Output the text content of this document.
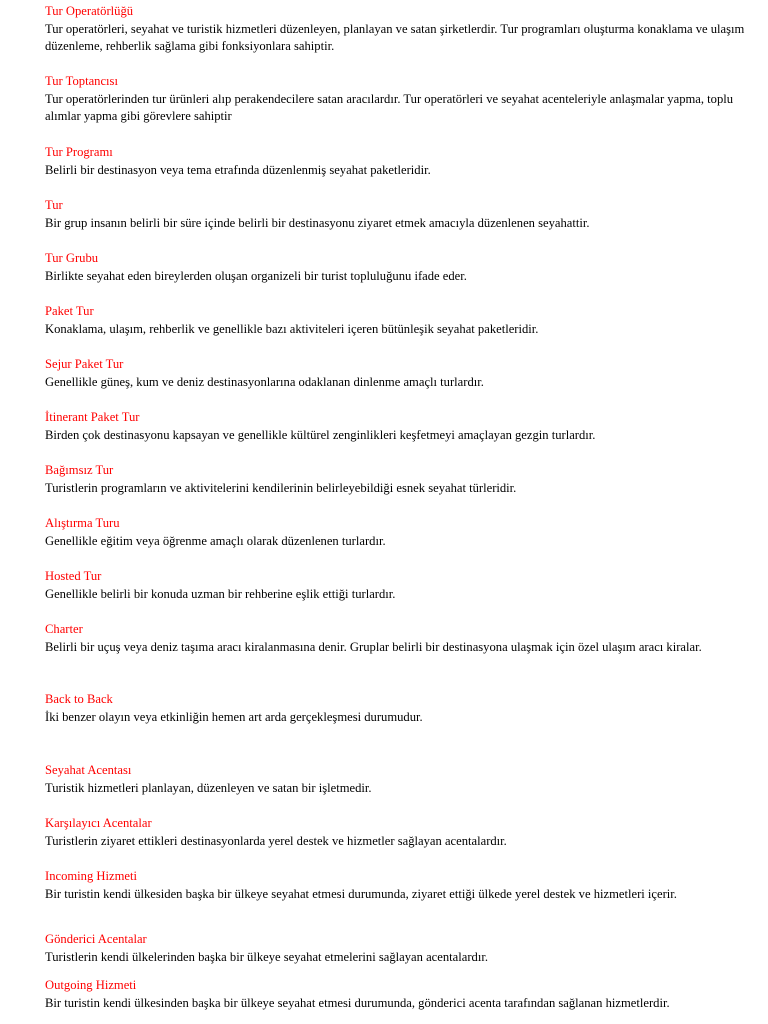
Tur Operatörlüğü
Tur operatörleri, seyahat ve turistik hizmetleri düzenleyen, planlayan ve satan şirketlerdir. Tur programları oluşturma konaklama ve ulaşım düzenleme, rehberlik sağlama gibi fonksiyonlara sahiptir.
Tur Toptancısı
Tur operatörlerinden tur ürünleri alıp perakendecilere satan aracılardır. Tur operatörleri ve seyahat acenteleriyle anlaşmalar yapma, toplu alımlar yapma gibi görevlere sahiptir
Tur Programı
Belirli bir destinasyon veya tema etrafında düzenlenmiş seyahat paketleridir.
Tur
Bir grup insanın belirli bir süre içinde belirli bir destinasyonu ziyaret etmek amacıyla düzenlenen seyahattir.
Tur Grubu
Birlikte seyahat eden bireylerden oluşan organizeli bir turist topluluğunu ifade eder.
Paket Tur
Konaklama, ulaşım, rehberlik ve genellikle bazı aktiviteleri içeren bütünleşik seyahat paketleridir.
Sejur Paket Tur
Genellikle güneş, kum ve deniz destinasyonlarına odaklanan dinlenme amaçlı turlardır.
İtinerant Paket Tur
Birden çok destinasyonu kapsayan ve genellikle kültürel zenginlikleri keşfetmeyi amaçlayan gezgin turlardır.
Bağımsız Tur
Turistlerin programların ve aktivitelerini kendilerinin belirleyebildiği esnek seyahat türleridir.
Alıştırma Turu
Genellikle eğitim veya öğrenme amaçlı olarak düzenlenen turlardır.
Hosted Tur
Genellikle belirli bir konuda uzman bir rehberine eşlik ettiği turlardır.
Charter
Belirli bir uçuş veya deniz taşıma aracı kiralanmasına denir. Gruplar belirli bir destinasyona ulaşmak için özel ulaşım aracı kiralar.
Back to Back
İki benzer olayın veya etkinliğin hemen art arda gerçekleşmesi durumudur.
Seyahat Acentası
Turistik hizmetleri planlayan, düzenleyen ve satan bir işletmedir.
Karşılayıcı Acentalar
Turistlerin ziyaret ettikleri destinasyonlarda yerel destek ve hizmetler sağlayan acentalardır.
Incoming Hizmeti
Bir turistin kendi ülkesiden başka bir ülkeye seyahat etmesi durumunda, ziyaret ettiği ülkede yerel destek ve hizmetleri içerir.
Gönderici Acentalar
Turistlerin kendi ülkelerinden başka bir ülkeye seyahat etmelerini sağlayan acentalardır.
Outgoing Hizmeti
Bir turistin kendi ülkesinden başka bir ülkeye seyahat etmesi durumunda, gönderici acenta tarafından sağlanan hizmetlerdir.
